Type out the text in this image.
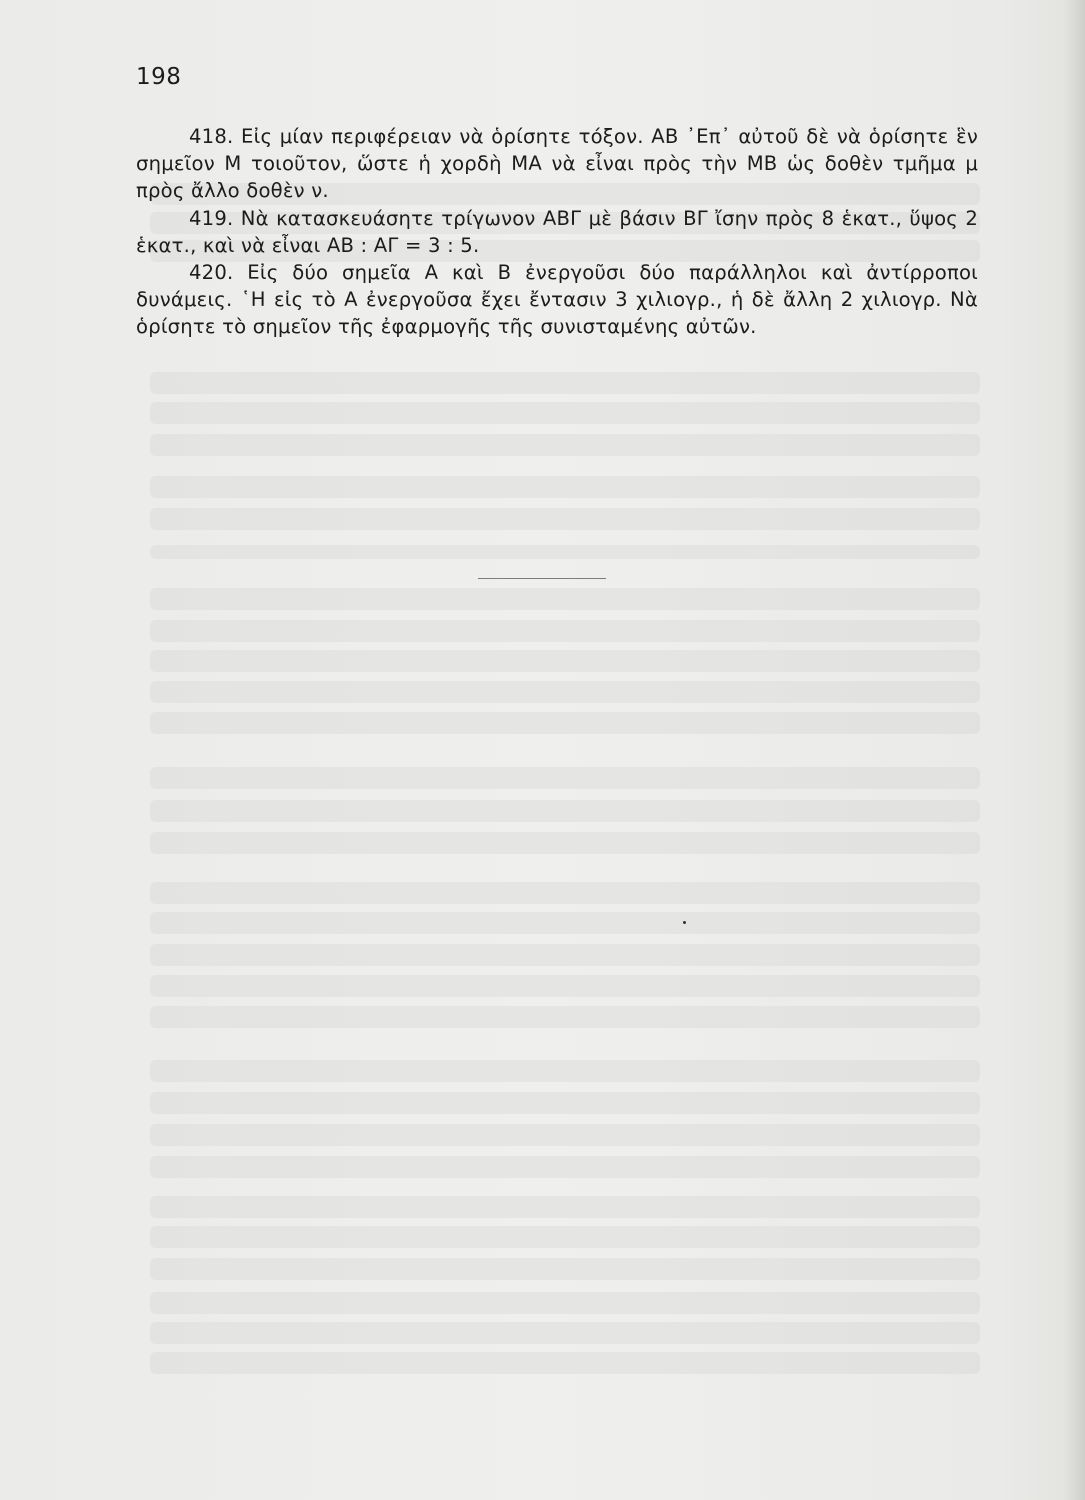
198

418. Εἰς μίαν περιφέρειαν νὰ ὁρίσητε τόξον. ΑΒ ᾿Επ᾿ αὐτοῦ δὲ νὰ ὁρίσητε ἓν σημεῖον Μ τοιοῦτον, ὥστε ἡ χορδὴ ΜΑ νὰ εἶναι πρὸς τὴν ΜΒ ὡς δοθὲν τμῆμα μ πρὸς ἄλλο δοθὲν ν.

419. Νὰ κατασκευάσητε τρίγωνον ΑΒΓ μὲ βάσιν ΒΓ ἴσην πρὸς 8 ἑκατ., ὕψος 2 ἑκατ., καὶ νὰ εἶναι ΑΒ : ΑΓ = 3 : 5.

420. Εἰς δύο σημεῖα Α καὶ Β ἐνεργοῦσι δύο παράλληλοι καὶ ἀντίρροποι δυνάμεις. ῾Η εἰς τὸ Α ἐνεργοῦσα ἔχει ἔντασιν 3 χιλιογρ., ἡ δὲ ἄλλη 2 χιλιογρ. Νὰ ὁρίσητε τὸ σημεῖον τῆς ἐφαρμογῆς τῆς συνισταμένης αὐτῶν.
